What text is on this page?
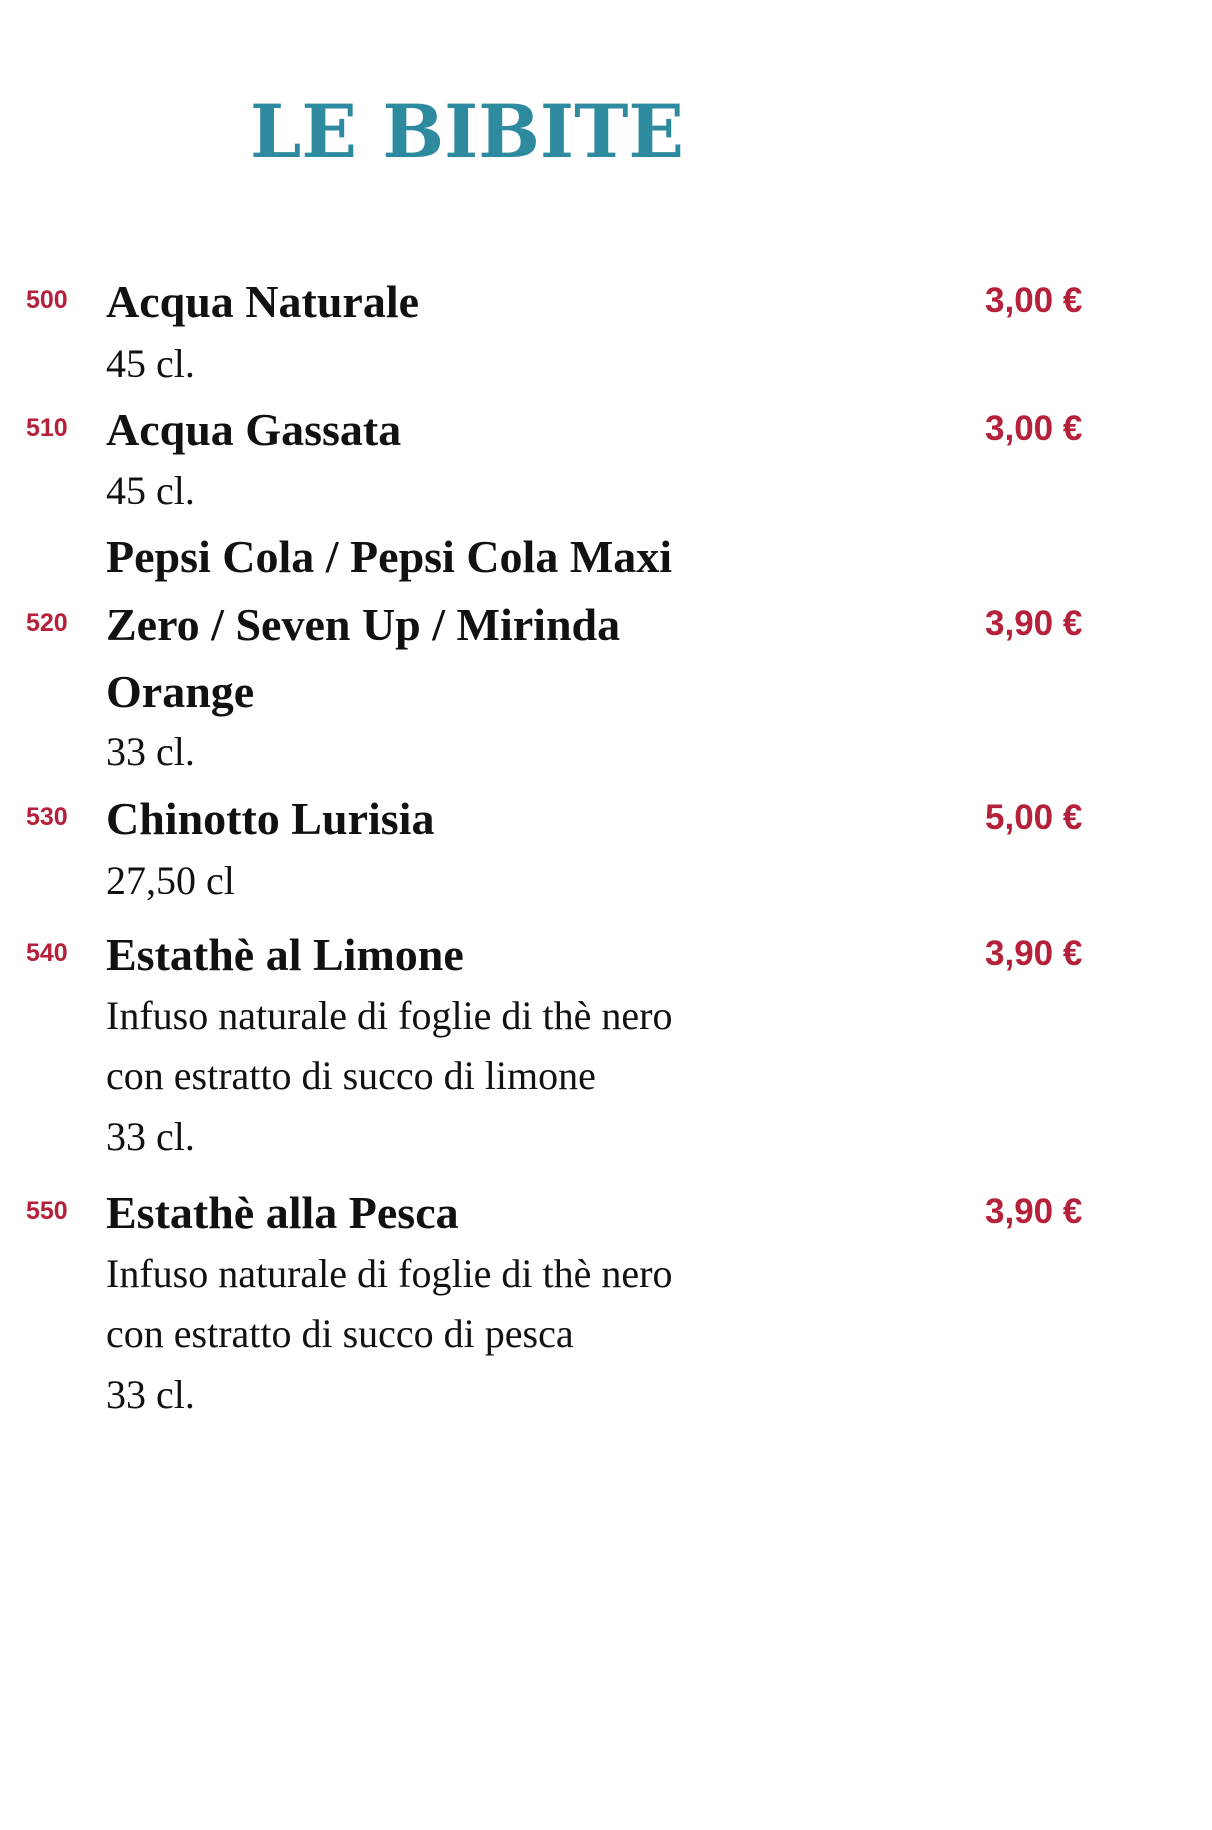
LE BIBITE
500 Acqua Naturale	3,00 €
45 cl.
510 Acqua Gassata	3,00 €
45 cl.
Pepsi Cola / Pepsi Cola Maxi
520 Zero / Seven Up / Mirinda	3,90 €
Orange
33 cl.
530 Chinotto Lurisia	5,00 €
27,50 cl
540 Estathè al Limone	3,90 €
Infuso naturale di foglie di thè nero
con estratto di succo di limone
33 cl.
550 Estathè alla Pesca	3,90 €
Infuso naturale di foglie di thè nero
con estratto di succo di pesca
33 cl.
